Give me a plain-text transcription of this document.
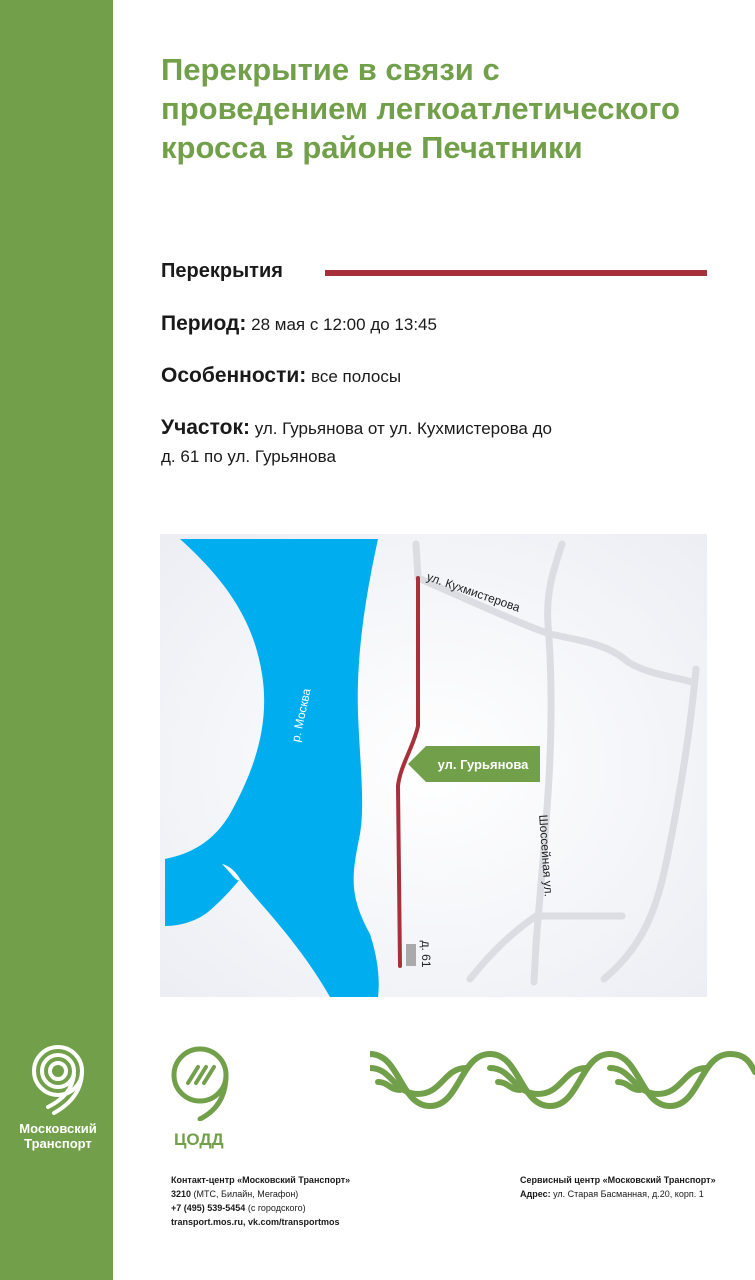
Московский
Транспорт
Перекрытие в связи с проведением легкоатлетического кросса в районе Печатники
Перекрытия
Период: 28 мая с 12:00 до 13:45
Особенности: все полосы
Участок: ул. Гурьянова от ул. Кухмистерова до
д. 61 по ул. Гурьянова
р. Москва
ул. Кухмистерова
Шоссейная ул.
д. 61
ул. Гурьянова
ЦОДД
Контакт-центр «Московский Транспорт»
3210 (МТС, Билайн, Мегафон)
+7 (495) 539-5454 (с городского)
transport.mos.ru, vk.com/transportmos
Сервисный центр «Московский Транспорт»
Адрес: ул. Старая Басманная, д.20, корп. 1
